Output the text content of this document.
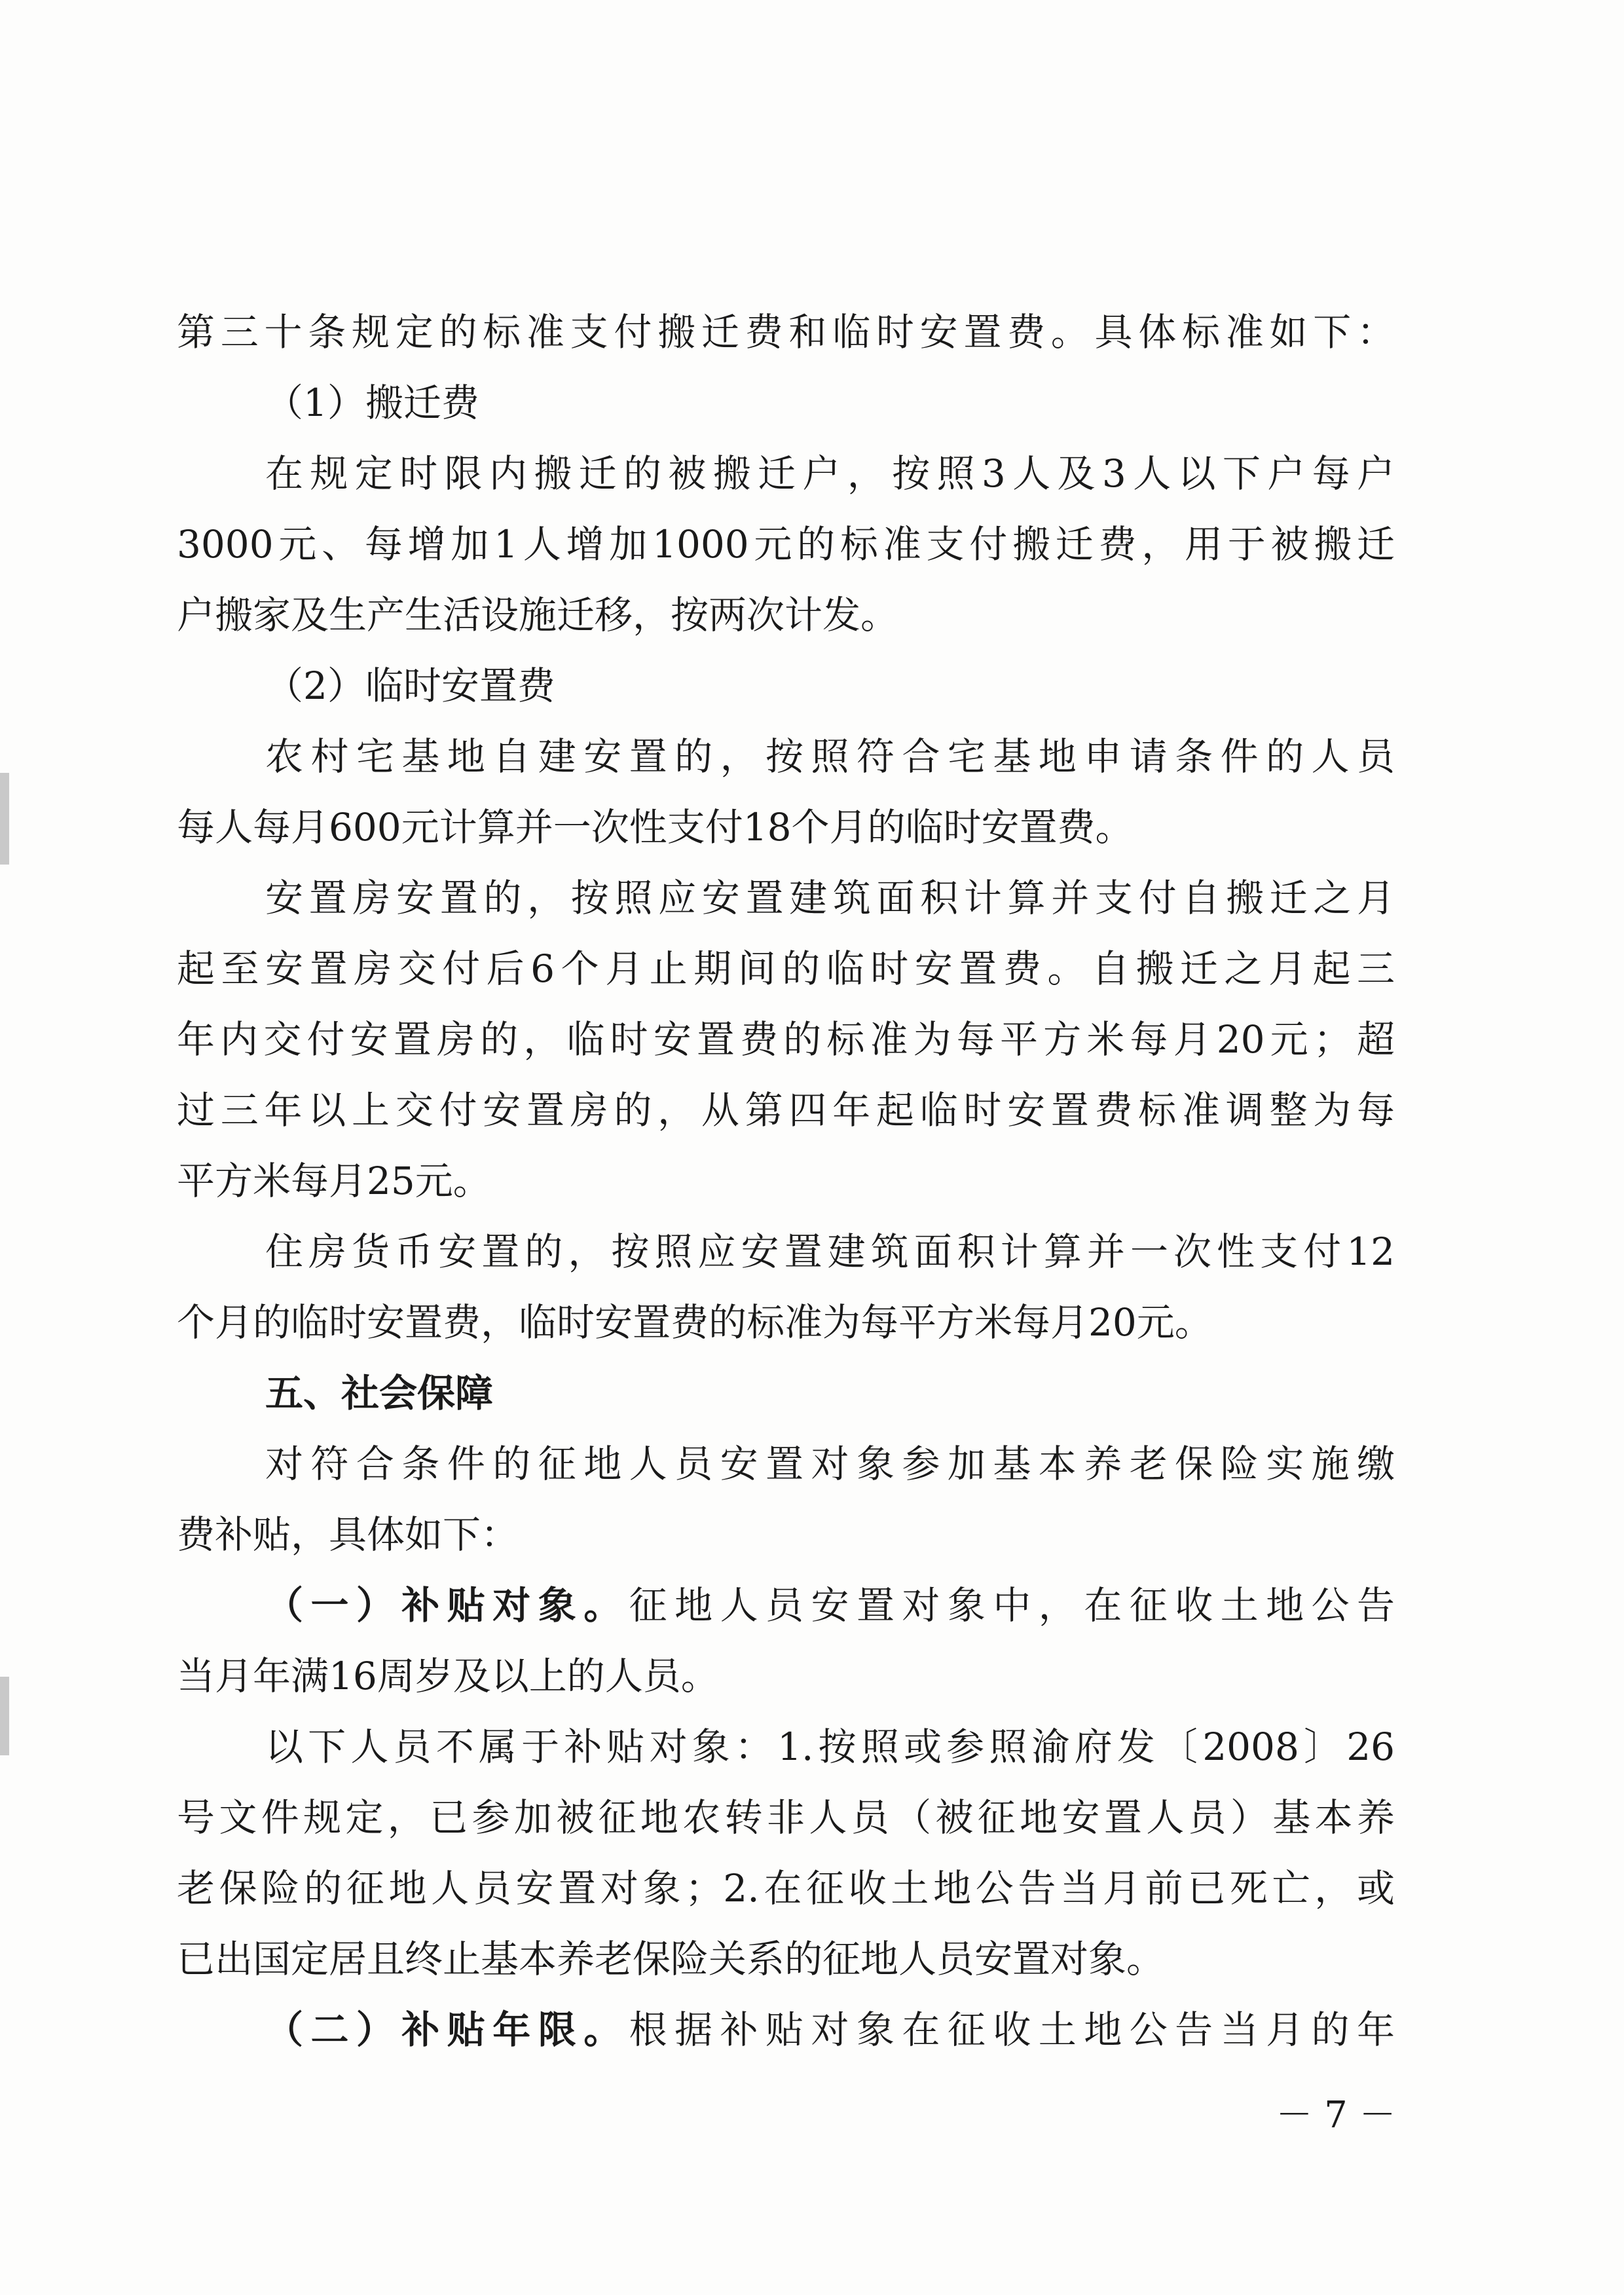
第三十条规定的标准支付搬迁费和临时安置费。具体标准如下：
（1）搬迁费
在规定时限内搬迁的被搬迁户，按照3人及3人以下户每户
3000元、每增加1人增加1000元的标准支付搬迁费，用于被搬迁
户搬家及生产生活设施迁移，按两次计发。
（2）临时安置费
农村宅基地自建安置的，按照符合宅基地申请条件的人员
每人每月600元计算并一次性支付18个月的临时安置费。
安置房安置的，按照应安置建筑面积计算并支付自搬迁之月
起至安置房交付后6个月止期间的临时安置费。自搬迁之月起三
年内交付安置房的，临时安置费的标准为每平方米每月20元；超
过三年以上交付安置房的，从第四年起临时安置费标准调整为每
平方米每月25元。
住房货币安置的，按照应安置建筑面积计算并一次性支付12
个月的临时安置费，临时安置费的标准为每平方米每月20元。
五、社会保障
对符合条件的征地人员安置对象参加基本养老保险实施缴
费补贴，具体如下：
（一）补贴对象。征地人员安置对象中，在征收土地公告
当月年满16周岁及以上的人员。
以下人员不属于补贴对象：1.按照或参照渝府发〔2008〕26
号文件规定，已参加被征地农转非人员（被征地安置人员）基本养
老保险的征地人员安置对象；2.在征收土地公告当月前已死亡，或
已出国定居且终止基本养老保险关系的征地人员安置对象。
（二）补贴年限。根据补贴对象在征收土地公告当月的年
－ 7 －
